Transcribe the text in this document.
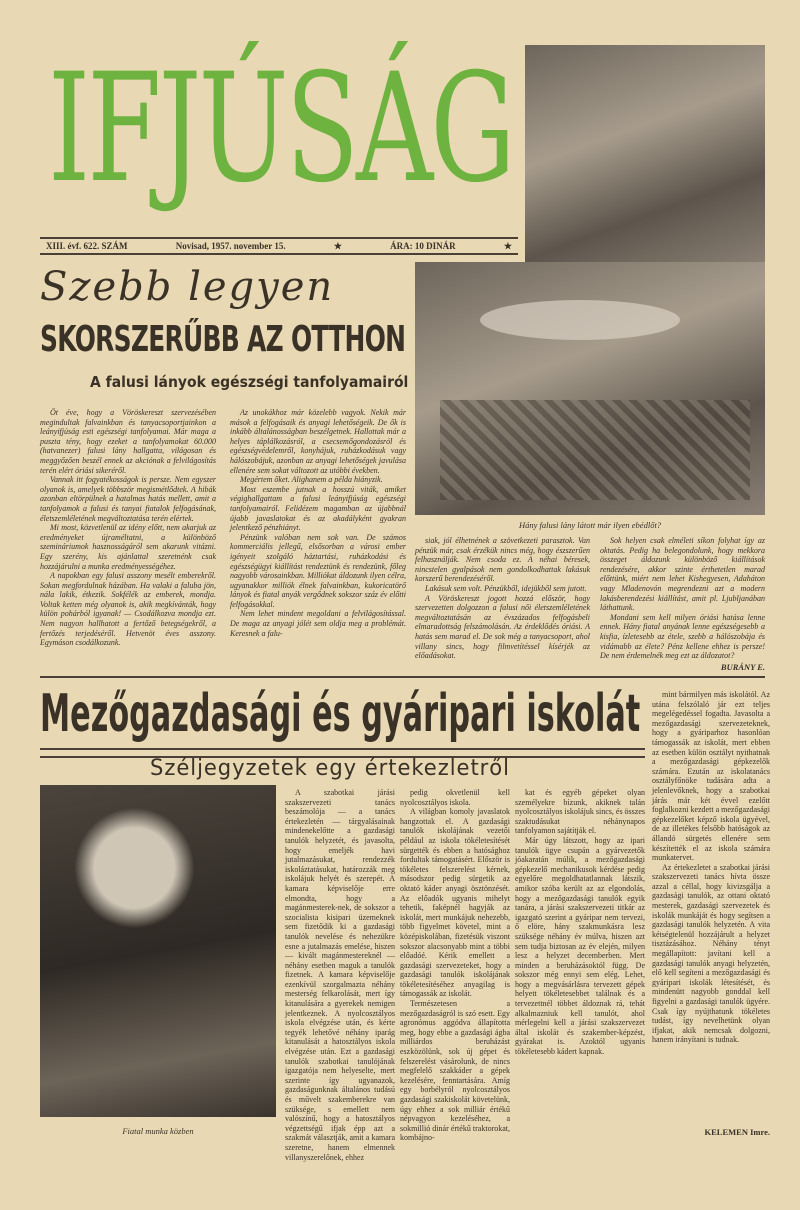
IFJÚSÁG
XIII. évf. 622. SZÁM	Novisad, 1957. november 15.	★	ÁRA: 10 DINÁR	★
Szebb legyen
SKORSZERŰBB AZ OTTHON
A falusi lányok egészségi tanfolyamairól

Öt éve, hogy a Vöröskereszt szervezésében megindultak falvainkban és tanyacsoportjainkon a leányifjúság esti egészségi tanfolyamai. Már maga a puszta tény, hogy ezeket a tanfolyamokat 60.000 (hatvanezer) falusi lány hallgatta, világosan és meggyőzően beszél ennek az akciónak a felvilágosítás terén elért óriási sikeréről.

Vannak itt fogyatékosságok is persze. Nem egyszer olyanok is, amelyek többször megismétlődtek. A hibák azonban eltörpülnek a hatalmas hatás mellett, amit a tanfolyamok a falusi és tanyai fiatalok felfogásának, életszemléletének megváltoztatása terén elértek.

Mi most, közvetlenül az idény előtt, nem akarjuk az eredményeket újraméltatni, a különböző szemináriumok hasznosságáról sem akarunk vitázni. Egy szerény, kis ajánlattal szeretnénk csak hozzájárulni a munka eredményességéhez.

A napokban egy falusi asszony mesélt emberekről. Sokan megfordulnak házában. Ha valaki a faluba jön, nála lakik, étkezik. Sokfélék az emberek, mondja. Voltak ketten még olyanok is, akik megkívánták, hogy külön pohárból igyanak! — Csodálkozva mondja ezt. Nem nagyon hallhatott a fertőző betegségekről, a fertőzés terjedéséről. Hetvenöt éves asszony. Egymáson csodálkozunk.

Az unokákhoz már közelebb vagyok. Nekik már mások a felfogásaik és anyagi lehetőségeik. De ők is inkább általánosságban beszélgetnek. Hallottak már a helyes táplálkozásról, a csecsemőgondozásról és egészségvédelemről, konyhájuk, ruházkodásuk vagy hálószobájuk, azonban az anyagi lehetőségek javulása ellenére sem sokat változott az utóbbi években.

Megértem őket. Alighanem a példa hiányzik.

Most eszembe jutnak a hosszú viták, amiket végighallgattam a falusi leányifjúság egészségi tanfolyamairól. Felidézem magamban az újabbnál újabb javaslatokat és az akadályként gyakran jelentkező pénzhiányt.

Pénzünk valóban nem sok van. De számos kommerciális jellegű, elsősorban a városi ember igényeit szolgáló háztartási, ruházkodási és egészségügyi kiállítást rendeztünk és rendezünk, főleg nagyobb városainkban. Milliókat áldozunk ilyen célra, ugyanakkor milliók élnek falvainkban, kukoricatörő lányok és fiatal anyák vergődnek sokszor száz év előtti felfogásokkal.

Nem lehet mindent megoldani a felvilágosítással. De maga az anyagi jólét sem oldja meg a problémát. Keresnek a falu-

Hány falusi lány látott már ilyen ebédlőt?

siak, jól élhetnének a szövetkezeti parasztok. Van pénzük már, csak érzékük nincs még, hogy észszerűen felhasználják. Nem csoda ez. A néhai béresek, nincstelen gyalpások nem gondolkodhattak lakásuk korszerű berendezéséről.

Lakásuk sem volt. Pénzükből, idejükből sem jutott.

A Vöröskereszt jogott hozzá először, hogy szervezetten dolgozzon a falusi női életszemléletének megváltoztatásán az évszázados felfogásbeli elmaradottság felszámolásán. Az érdeklődés óriási. A hatás sem marad el. De sok még a tanyacsoport, ahol villany sincs, hogy filmvetítéssel kísérjék az előadásokat.

Sok helyen csak elméleti síkon folyhat így az oktatás. Pedig ha belegondolunk, hogy mekkora összeget áldozunk különböző kiállítások rendezésére, akkor szinte érthetetlen marad előttünk, miért nem lehet Kishegyesen, Adaháton vagy Mladenovón megrendezni azt a modern lakásberendezési kiállítást, amit pl. Ljubljanában láthattunk.

Mondani sem kell milyen óriási hatása lenne ennek. Hány fiatal anyának lenne egészségesebb a kisfia, ízletesebb az étele, szebb a hálószobája és vidámabb az élete? Pénz kellene ehhez is persze! De nem érdemelnék meg ezt az áldozatot?

BURÁNY E.
Mezőgazdasági és gyáripari iskolát
Széljegyzetek egy értekezletről
Fiatal munka közben

A szabotkai járási szakszervezeti tanács beszámolója — a tanács értekezletén — tárgyalásainak mindenekelőtte a gazdasági tanulók helyzetét, és javasolta, hogy emeljék havi jutalmazásukat, rendezzék iskoláztatásukat, határozzák meg iskolájuk helyét és szerepét. A kamara képviselője erre elmondta, hogy a magánmesterek-nek, de sokszor a szocialista kisipari üzemeknek sem fizetődik ki a gazdasági tanulók nevelése és nehezükre esne a jutalmazás emelése, hiszen — kivált magánmestereknél — néhány esetben maguk a tanulók fizetnek. A kamara képviselője ezenkívül szorgalmazta néhány mesterség felkarolását, mert így kitanulására a gyerekek nemigen jelentkeznek. A nyolcosztályos iskola elvégzése után, és kérte tegyék lehetővé néhány iparág kitanulását a hatosztályos iskola elvégzése után. Ezt a gazdasági tanulók szabotkai tanulójának igazgatója nem helyeselte, mert szerinte így ugyanazok, gazdaságunknak általános tudású és művelt szakemberekre van szüksége, s emellett nem valószínű, hogy a hatosztályos végzettségű ifjak épp azt a szakmát választják, amit a kamara szeretne, hanem elmennek villanyszerelőnek, ehhez

pedig okvetlenül kell nyolcosztályos iskola.

A világban komoly javaslatok hangzottak el. A gazdasági tanulók iskolájának vezetői például az iskola tökéletesítését sürgették és ebben a hatósághoz fordultak támogatásért. Először is tökéletes felszerelést kérnek, másodszor pedig sürgetik az oktató káder anyagi ösztönzését. Az előadók ugyanis mihelyt tehetik, faképnél hagyják az iskolát, mert munkájuk nehezebb, több figyelmet követel, mint a középiskolában, fizetésük viszont sokszor alacsonyabb mint a többi előadóé. Kérik emellett a gazdasági szervezeteket, hogy a gazdasági tanulók iskolájának tökéletesítéséhez anyagilag is támogassák az iskolát.

Természetesen a mezőgazdaságról is szó esett. Egy agronómus aggódva állapította meg, hogy ebbe a gazdasági ágba milliárdos beruházást eszközölünk, sok új gépet és felszerelést vásárolunk, de nincs megfelelő szakkáder a gépek kezelésére, fenntartására. Amíg egy borbélyról nyolcosztályos gazdasági szakiskolát követelünk, úgy ehhez a sok milliár értékű népvagyon kezeléséhez, a sokmillió dinár értékű traktorokat, kombájno-

kat és egyéb gépeket olyan személyekre bízunk, akiknek talán nyolcosztályos iskolájuk sincs, és összes szaktudásukat néhánynapos tanfolyamon sajátítják el.

Már úgy látszott, hogy az ipari tanulók ügye csupán a gyárvezetők jóakaratán múlik, a mezőgazdasági gépkezelő mechanikusok kérdése pedig egyelőre megoldhatatlannak látszik, amikor szóba került az az elgondolás, hogy a mezőgazdasági tanulók egyik tanára, a járási szakszervezeti titkár az igazgató szerint a gyáripar nem tervezi, ő elöre, hány szakmunkásra lesz szüksége néhány év múlva, hiszen azt sem tudja biztosan az év elején, milyen lesz a helyzet decemberben. Mert minden a beruházásoktól függ. De sokszor még ennyi sem elég. Lehet, hogy a megvásárlásra tervezett gépek helyett tökéletesebbet találnak és a tervezettnél többet áldoznak rá, tehát alkalmazniuk kell tanulót, ahol mérlegelni kell a járási szakszervezet által iskolát és szakember-képzést, gyárakat is. Azoktól ugyanis tökéletesebb kádert kapnak.

mint bármilyen más iskolától. Az utána felszólaló jár ezt teljes megelégedéssel fogadta. Javasolta a mezőgazdasági szervezeteknek, hogy a gyáriparhoz hasonlóan támogassák az iskolát, mert ebben az esetben külön osztályt nyithatnak a mezőgazdasági gépkezelők számára. Ezután az iskolatanács osztályfőnöke tudására adta a jelenlevőknek, hogy a szabotkai járás már két évvel ezelőtt foglalkozni kezdett a mezőgazdasági gépkezelőket képző iskola ügyével, de az illetékes felsőbb hatóságok az állandó sürgetés ellenére sem készítették el az iskola számára munkatervet.

Az értekezletet a szabotkai járási szakszervezeti tanács hívta össze azzal a céllal, hogy kivizsgálja a gazdasági tanulók, az ottani oktató mesterek, gazdasági szervezetek és iskolák munkáját és hogy segítsen a gazdasági tanulók helyzetén. A vita kétségtelenül hozzájárult a helyzet tisztázásához. Néhány tényt megállapított: javítani kell a gazdasági tanulók anyagi helyzetén, elő kell segíteni a mezőgazdasági és gyáripari iskolák létesítését, és mindenütt nagyobb gonddal kell figyelni a gazdasági tanulók ügyére. Csak így nyújthatunk tökéletes tudást, így nevelhetünk olyan ifjakat, akik nemcsak dolgozni, hanem irányítani is tudnak.

KELEMEN Imre.
